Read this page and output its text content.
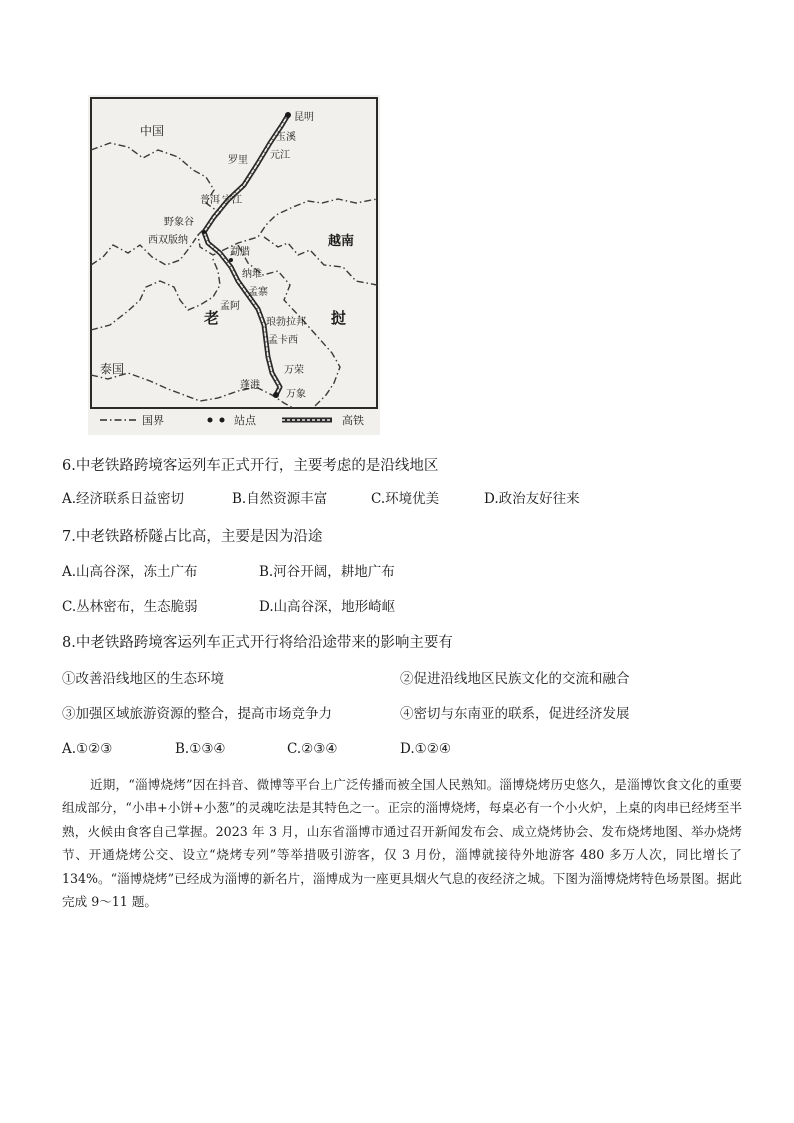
中国
越南
老	挝
泰国
昆明
玉溪
元江
罗里
普洱 宁江
野象谷
西双版纳
勐腊
纳堆
孟寨
孟阿
琅勃拉邦
孟卡西
万荣
蓬港
万象
国界	站点	高铁
6.中老铁路跨境客运列车正式开行，主要考虑的是沿线地区
A.经济联系日益密切	B.自然资源丰富	C.环境优美	D.政治友好往来
7.中老铁路桥隧占比高，主要是因为沿途
A.山高谷深，冻土广布	B.河谷开阔，耕地广布
C.丛林密布，生态脆弱	D.山高谷深，地形崎岖
8.中老铁路跨境客运列车正式开行将给沿途带来的影响主要有
①改善沿线地区的生态环境	②促进沿线地区民族文化的交流和融合
③加强区域旅游资源的整合，提高市场竞争力	④密切与东南亚的联系，促进经济发展
A.①②③	B.①③④	C.②③④	D.①②④

近期，“淄博烧烤”因在抖音、微博等平台上广泛传播而被全国人民熟知。淄博烧烤历史悠久，是淄博饮食文化的重要组成部分，“小串+小饼+小葱”的灵魂吃法是其特色之一。正宗的淄博烧烤，每桌必有一个小火炉，上桌的肉串已经烤至半熟，火候由食客自己掌握。2023 年 3 月，山东省淄博市通过召开新闻发布会、成立烧烤协会、发布烧烤地图、举办烧烤节、开通烧烤公交、设立“烧烤专列”等举措吸引游客，仅 3 月份，淄博就接待外地游客 480 多万人次，同比增长了 134%。“淄博烧烤”已经成为淄博的新名片，淄博成为一座更具烟火气息的夜经济之城。下图为淄博烧烤特色场景图。据此完成 9～11 题。
